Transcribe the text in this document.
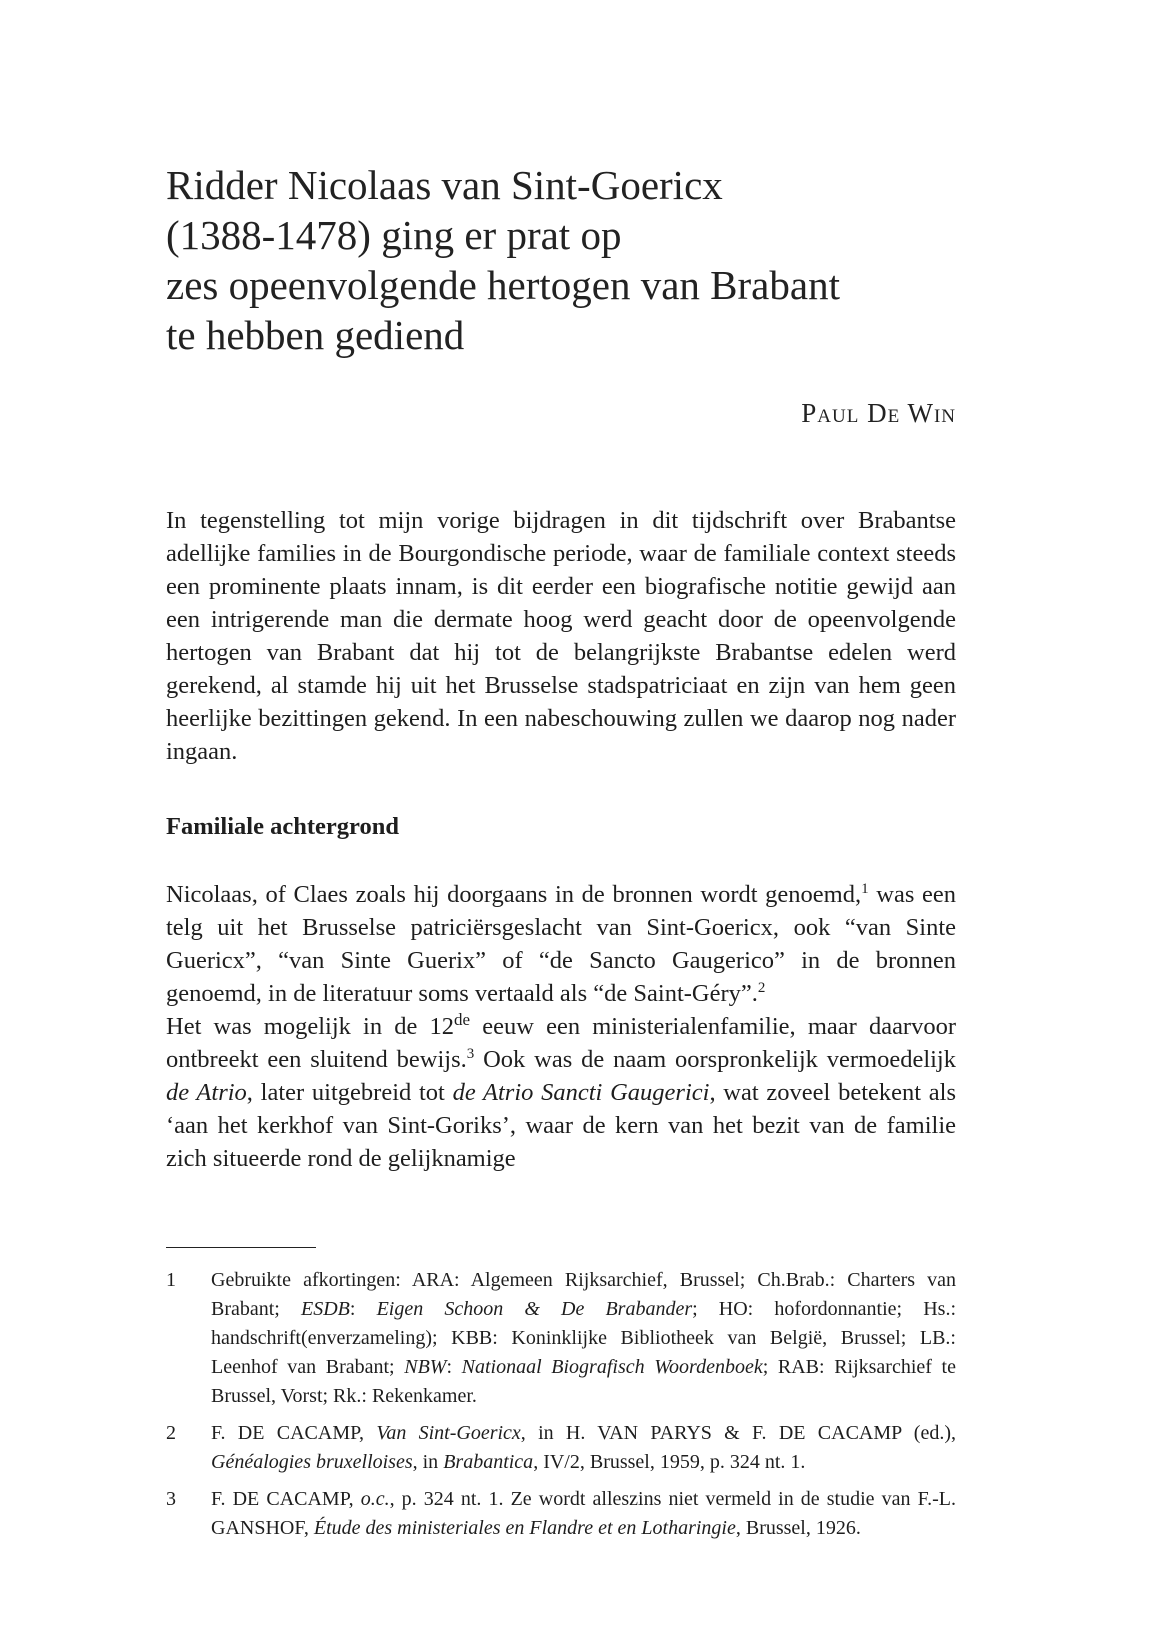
Ridder Nicolaas van Sint-Goericx
(1388-1478) ging er prat op
zes opeenvolgende hertogen van Brabant
te hebben gediend
Paul De Win

In tegenstelling tot mijn vorige bijdragen in dit tijdschrift over Brabantse adellijke families in de Bourgondische periode, waar de familiale context steeds een prominente plaats innam, is dit eerder een biografische notitie gewijd aan een intrigerende man die dermate hoog werd geacht door de opeenvolgende hertogen van Brabant dat hij tot de belangrijkste Brabantse edelen werd gerekend, al stamde hij uit het Brusselse stadspatriciaat en zijn van hem geen heerlijke bezittingen gekend. In een nabeschouwing zullen we daarop nog nader ingaan.

Familiale achtergrond

Nicolaas, of Claes zoals hij doorgaans in de bronnen wordt genoemd,$^1$ was een telg uit het Brusselse patriciërsgeslacht van Sint-Goericx, ook “van Sinte Guericx”, “van Sinte Guerix” of “de Sancto Gaugerico” in de bronnen genoemd, in de literatuur soms vertaald als “de Saint-Géry”.$^2$

Het was mogelijk in de 12de eeuw een ministerialenfamilie, maar daarvoor ontbreekt een sluitend bewijs.$^3$ Ook was de naam oorspronkelijk vermoedelijk de Atrio, later uitgebreid tot de Atrio Sancti Gaugerici, wat zoveel betekent als ‘aan het kerkhof van Sint-Goriks’, waar de kern van het bezit van de familie zich situeerde rond de gelijknamige

1	Gebruikte afkortingen: ARA: Algemeen Rijksarchief, Brussel; Ch.Brab.: Charters van Brabant; ESDB: Eigen Schoon & De Brabander; HO: hofordonnantie; Hs.: handschrift(enverzameling); KBB: Koninklijke Bibliotheek van België, Brussel; LB.: Leenhof van Brabant; NBW: Nationaal Biografisch Woordenboek; RAB: Rijksarchief te Brussel, Vorst; Rk.: Rekenkamer.
2	F. DE CACAMP, Van Sint-Goericx, in H. VAN PARYS & F. DE CACAMP (ed.), Généalogies bruxelloises, in Brabantica, IV/2, Brussel, 1959, p. 324 nt. 1.
3	F. DE CACAMP, o.c., p. 324 nt. 1. Ze wordt alleszins niet vermeld in de studie van F.-L. GANSHOF, Étude des ministeriales en Flandre et en Lotharingie, Brussel, 1926.
